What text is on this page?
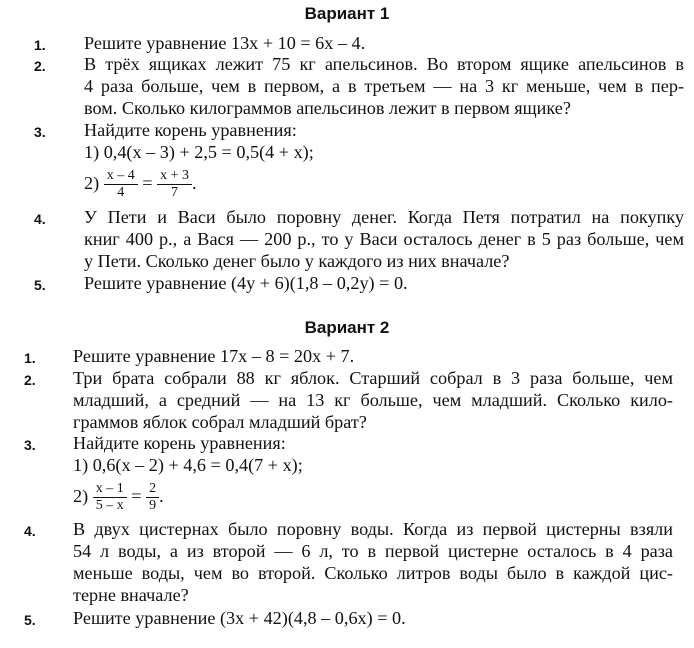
Вариант 1
1. Решите уравнение 13x + 10 = 6x – 4.
2. В трёх ящиках лежит 75 кг апельсинов. Во втором ящике апельсинов в
4 раза больше, чем в первом, а в третьем — на 3 кг меньше, чем в пер-
вом. Сколько килограммов апельсинов лежит в первом ящике?
3. Найдите корень уравнения:
1) 0,4(x – 3) + 2,5 = 0,5(4 + x);
$2) \frac{x - 4}{4} = \frac{x + 3}{7}$ .
4. У Пети и Васи было поровну денег. Когда Петя потратил на покупку
книг 400 р., а Вася — 200 р., то у Васи осталось денег в 5 раз больше, чем
у Пети. Сколько денег было у каждого из них вначале?
5. Решите уравнение (4y + 6)(1,8 – 0,2y) = 0.
Вариант 2
1. Решите уравнение 17x – 8 = 20x + 7.
2. Три брата собрали 88 кг яблок. Старший собрал в 3 раза больше, чем
младший, а средний — на 13 кг больше, чем младший. Сколько кило-
граммов яблок собрал младший брат?
3. Найдите корень уравнения:
1) 0,6(x – 2) + 4,6 = 0,4(7 + x);
$2) \frac{x - 1}{5 - x} = \frac{2}{9}$ .
4. В двух цистернах было поровну воды. Когда из первой цистерны взяли
54 л воды, а из второй — 6 л, то в первой цистерне осталось в 4 раза
меньше воды, чем во второй. Сколько литров воды было в каждой цис-
терне вначале?
5. Решите уравнение (3x + 42)(4,8 – 0,6x) = 0.
